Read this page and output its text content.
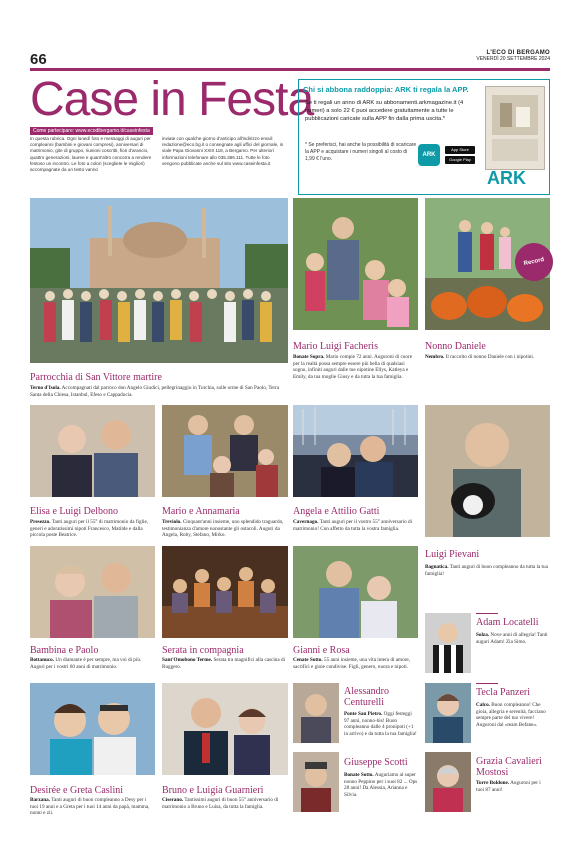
66	L'ECO DI BERGAMO
VENERDÌ 20 SETTEMBRE 2024
Case in Festa
Come partecipare: www.ecodibergamo.it/caseinfesta
In questa rubrica. Ogni lunedì foto e messaggi di auguri per compleanni (bambini e giovani compresi), anniversari di matrimonio, gite di gruppo, riunioni coscritti, fiori d'arancio, quattro generazioni, lauree e quant'altro concorra a rendere festoso un incontro. Le foto a colori (scegliete le migliori) accompagnate da un testo vanno
inviate con qualche giorno d'anticipo all'indirizzo email: redazione@eco.bg.it o consegnate agli uffici del giornale, in viale Papa Giovanni XXIII 118, a Bergamo. Per ulteriori informazioni telefonare allo 035.386.111. Tutte le foto vengono pubblicate anche sul sito www.caseinfesta.it
Chi si abbona raddoppia: ARK ti regala la APP.
Se ti regali un anno di ARK su abbonamenti.arkmagazine.it (4 numeri) a solo 22 € puoi accedere gratuitamente a tutte le pubblicazioni caricate sulla APP fin dalla prima uscita.*
* Se preferisci, hai anche la possibilità di scaricare la APP e acquistare i numeri singoli al costo di 1,99 € l'uno.
ARK
App Store
Google Play
ARK
Parrocchia di San Vittore martire
Terno d'Isola. Accompagnati dal parroco don Angelo Giudici, pellegrinaggio in Turchia, sulle orme di San Paolo, Terra Santa della Chiesa, Istanbul, Efeso e Cappadocia.
Mario Luigi Facheris
Bonate Sopra. Mario compie 72 anni. Auguroni di cuore per la realtà possa sempre essere più bella di qualsiasi sogno, infiniti auguri dalle tue nipotine Ellys, Katleya e Emily, da tua moglie Giusy e da tutta la tua famiglia.
Record
Nonno Daniele
Nembro. Il raccolto di nonno Daniele con i nipotini.
Elisa e Luigi Delbono
Presezzo. Tanti auguri per il 55° di matrimonio da figlie, generi e adoratissimi nipoti Francesco, Matilde e dalla piccola poste Beatrice.
Mario e Annamaria
Treviolo. Cinquant'anni insieme, uno splendido traguardo, testimonianza d'amore nonostante gli ostacoli. Auguri da Angela, Roby, Stefano, Mirko.
Angela e Attilio Gatti
Cavernago. Tanti auguri per il vostro 55° anniversario di matrimonio! Con affetto da tutta la vostra famiglia.
Luigi Pievani
Bagnatica. Tanti auguri di buon compleanno da tutta la tua famiglia!
Bambina e Paolo
Bottanuco. Un diamante è per sempre, ma voi di più. Auguri per i vostri 60 anni di matrimonio.
Serata in compagnia
Sant'Omobono Terme. Serata tra magnifici alla cascina di Ruggero.
Gianni e Rosa
Cenate Sotto. 55 anni insieme, una vita intera di amore, sacrifici e gioie condivise. Figli, genero, nuora e nipoti.
Adam Locatelli
Solza. Nove anni di allegria! Tanti auguri Adam! Zia Simo.
Alessandro Centurelli
Ponte San Pietro. Oggi festeggi 97 anni, nonno-bis! Buon compleanno dalle 4 pronipoti (+1 in arrivo) e da tutta la tua famiglia!
Tecla Panzeri
Calco. Buon compleanno! Che gioia, allegria e serenità, facciano sempre parte del tuo vivere! Auguroni dal «team Befane».
Desirée e Greta Caslini
Barzana. Tanti auguri di buon compleanno a Desy per i tuoi 19 anni e a Greta per i tuoi 14 anni da papà, mamma, nonni e zii.
Bruno e Luigia Guarnieri
Ciserano. Tantissimi auguri di buon 55° anniversario di matrimonio a Bruno e Luisa, da tutta la famiglia.
Giuseppe Scotti
Bonate Sotto. Auguriamo al super nonno Peppino per i suoi 82 ... Ops 28 anni! Da Alessia, Arianna e Silvia.
Grazia Cavalieri Mostosi
Torre Boldone. Auguroni per i tuoi 87 anni!
